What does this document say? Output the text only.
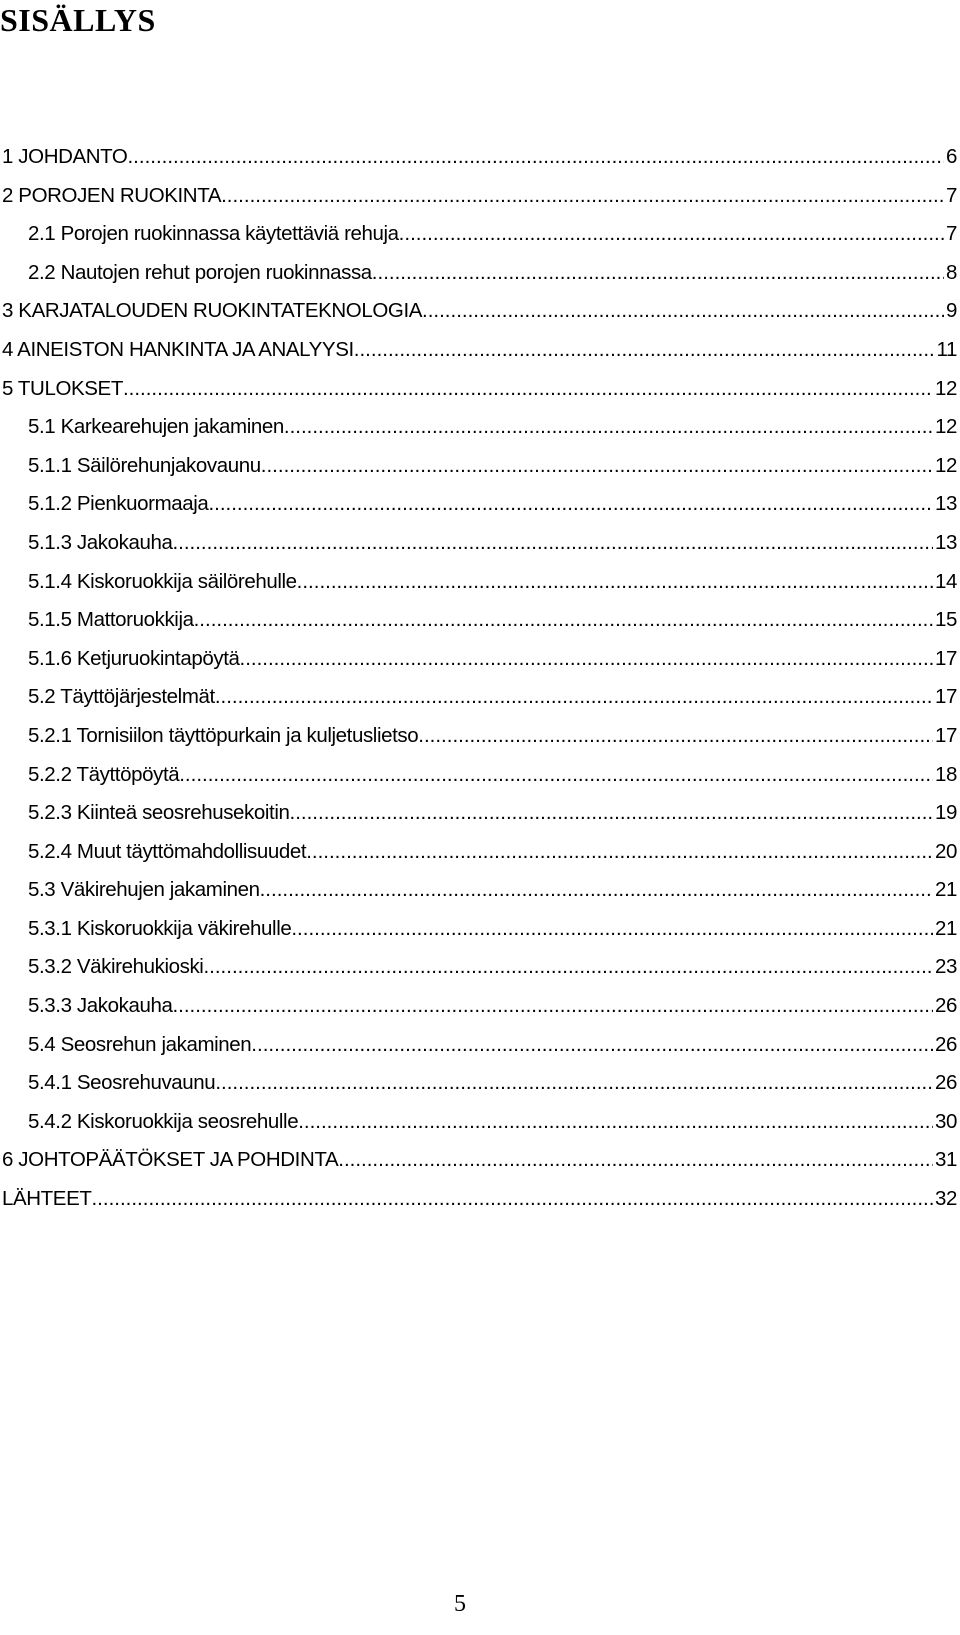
SISÄLLYS
1 JOHDANTO .....	6
2 POROJEN RUOKINTA .....	7
2.1 Porojen ruokinnassa käytettäviä rehuja .....	7
2.2 Nautojen rehut porojen ruokinnassa .....	8
3 KARJATALOUDEN RUOKINTATEKNOLOGIA .....	9
4 AINEISTON HANKINTA JA ANALYYSI .....	11
5 TULOKSET .....	12
5.1 Karkearehujen jakaminen .....	12
5.1.1 Säilörehunjakovaunu .....	12
5.1.2 Pienkuormaaja .....	13
5.1.3 Jakokauha .....	13
5.1.4 Kiskoruokkija säilörehulle .....	14
5.1.5 Mattoruokkija .....	15
5.1.6 Ketjuruokintapöytä .....	17
5.2 Täyttöjärjestelmät .....	17
5.2.1 Tornisiilon täyttöpurkain ja kuljetuslietso .....	17
5.2.2 Täyttöpöytä .....	18
5.2.3 Kiinteä seosrehusekoitin .....	19
5.2.4 Muut täyttömahdollisuudet .....	20
5.3 Väkirehujen jakaminen .....	21
5.3.1 Kiskoruokkija väkirehulle .....	21
5.3.2 Väkirehukioski .....	23
5.3.3 Jakokauha .....	26
5.4 Seosrehun jakaminen .....	26
5.4.1 Seosrehuvaunu .....	26
5.4.2 Kiskoruokkija seosrehulle .....	30
6 JOHTOPÄÄTÖKSET JA POHDINTA .....	31
LÄHTEET .....	32

5
